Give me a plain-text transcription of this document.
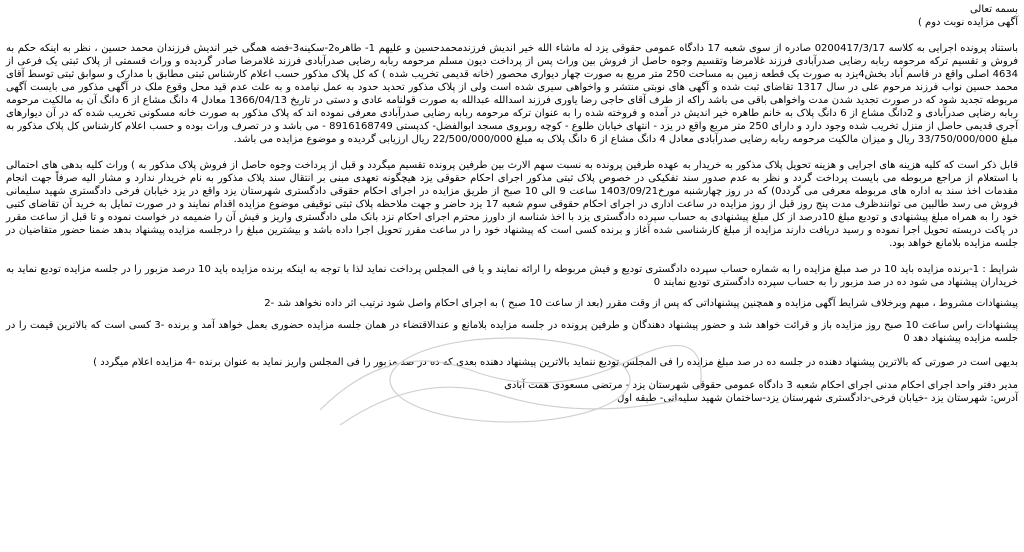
بسمه تعالی

آگهی مزایده نوبت دوم )

باستناد پرونده اجرایی به کلاسه 0200417/3/17 صادره از سوی شعبه 17 دادگاه عمومی حقوقی یزد له ماشاء الله خیر اندیش فرزندمحمدحسین و علیهم 1- طاهره2-سکینه3-فضه همگی خیر اندیش فرزندان محمد حسین ، نظر به اینکه حکم به فروش و تقسیم ترکه مرحومه ربابه رضایی صدرآبادی فرزند غلامرضا وتقسیم وجوه حاصل از فروش بین وراث پس از پرداخت دیون مسلم مرحومه ربابه رضایی صدرآبادی فرزند غلامرضا صادر گردیده و وراث قسمتی از پلاک ثبتی یک فرعی از 4634 اصلی واقع در قاسم آباد بخش4یزد به صورت یک قطعه زمین به مساحت 250 متر مربع به صورت چهار دیواری محصور (خانه قدیمی تخریب شده ) که کل پلاک مذکور حسب اعلام کارشناس ثبتی مطابق با مدارک و سوابق ثبتی توسط آقای محمد حسین نواب فرزند مرحوم علی در سال 1317 تقاضای ثبت شده و آگهی های نوبتی منتشر و واخواهی سیری شده است ولی از پلاک مذکور تحدید حدود به عمل نیامده و به علت عدم قید محل وقوع ملک در آگهی مذکور می بایست آگهی مربوطه تجدید شود که در صورت تجدید شدن مدت واخواهی باقی می باشد راکه از طرف آقای حاجی رضا یاوری فرزند اسدالله عبدالله به صورت قولنامه عادی و دستی در تاریخ 1366/04/13 معادل 4 دانگ مشاع از 6 دانگ آن به مالکیت مرحومه ربابه رضایی صدرآبادی و 2دانگ مشاع از 6 دانگ پلاک به خانم طاهره خیر اندیش در آمده و فروخته شده را به عنوان ترکه مرحومه ربابه رضایی صدرآبادی معرفی نموده اند که پلاک مذکور به صورت خانه مسکونی تخریب شده که در آن دیوارهای آجری قدیمی حاصل از منزل تخریب شده وجود دارد و دارای 250 متر مربع واقع در یزد - انتهای خیابان طلوع - کوچه روبروی مسجد ابوالفضل- کدپستی 8916168749 - می باشد و در تصرف وراث بوده و حسب اعلام کارشناس کل پلاک مذکور به مبلغ 33/750/000/000 ریال و میزان مالکیت مرحومه ربابه رضایی صدرآبادی معادل 4 دانگ مشاع از 6 دانگ پلاک به مبلغ 22/500/000/000 ریال ارزیابی گردیده و موضوع مزایده می باشد.

قابل ذکر است که کلیه هزینه های اجرایی و هزینه تحویل پلاک مذکور به خریدار به عهده طرفین پرونده به نسبت سهم الارث بین طرفین پرونده تقسیم میگردد و قبل از پرداخت وجوه حاصل از فروش پلاک مذکور به ) وراث کلیه بدهی های احتمالی با استعلام از مراجع مربوطه می بایست پرداخت گردد و نظر به عدم صدور سند تفکیکی در خصوص پلاک ثبتی مذکور اجرای احکام حقوقی یزد هیچگونه تعهدی مبنی بر انتقال سند پلاک مذکور به نام خریدار ندارد و مشار الیه صرفاً جهت انجام مقدمات اخذ سند به اداره های مربوطه معرفی می گردد0) که در روز چهارشنبه مورخ1403/09/21 ساعت 9 الی 10 صبح از طریق مزایده در اجرای احکام حقوقی دادگستری شهرستان یزد واقع در یزد خیابان فرخی دادگستری شهید سلیمانی فروش می رسد طالبین می توانندظرف مدت پنج روز قبل از روز مزایده در ساعت اداری در اجرای احکام حقوقی سوم شعبه 17 یزد حاضر و جهت ملاحظه پلاک ثبتی توقیفی موضوع مزایده اقدام نمایند و در صورت تمایل به خرید آن تقاضای کتبی خود را به همراه مبلغ پیشنهادی و تودیع مبلغ 10درصد از کل مبلغ پیشنهادی به حساب سپرده دادگستری یزد با اخذ شناسه از داورز محترم اجرای احکام نزد بانک ملی دادگستری واریز و فیش آن را ضمیمه در خواست نموده و تا قبل از ساعت مقرر در پاکت دربسته تحویل اجرا نموده و رسید دریافت دارند مزایده از مبلغ کارشناسی شده آغاز و برنده کسی است که پیشنهاد خود را در ساعت مقرر تحویل اجرا داده باشد و بیشترین مبلغ را درجلسه مزایده پیشنهاد بدهد ضمنا حضور متقاضیان در جلسه مزایده بلامانع خواهد بود.

شرایط : 1-برنده مزایده باید 10 در صد مبلغ مزایده را به شماره حساب سپرده دادگستری تودیع و فیش مربوطه را ارائه نمایند و یا فی المجلس پرداخت نماید لذا با توجه به اینکه برنده مزایده باید 10 درصد مزبور را در جلسه مزایده تودیع نماید به خریداران پیشنهاد می شود ده در صد مزبور را به حساب سپرده دادگستری تودیع نمایند 0

پیشنهادات مشروط ، مبهم وبرخلاف شرایط آگهی مزایده و همچنین پیشنهاداتی که پس از وقت مقرر (بعد از ساعت 10 صبح ) به اجرای احکام واصل شود ترتیب اثر داده نخواهد شد -2

پیشنهادات راس ساعت 10 صبح روز مزایده باز و قرائت خواهد شد و حضور پیشنهاد دهندگان و طرفین پرونده در جلسه مزایده بلامانع و عندالاقتضاء در همان جلسه مزایده حضوری بعمل خواهد آمد و برنده -3 کسی است که بالاترین قیمت را در جلسه مزایده پیشنهاد دهد 0

بدیهی است در صورتی که بالاترین پیشنهاد دهنده در جلسه ده در صد مبلغ مزایده را فی المجلس تودیع ننماید بالاترین پیشنهاد دهنده بعدی که ده در صد مزبور را فی المجلس واریز نماید به عنوان برنده -4 مزایده اعلام میگردد )

مدیر دفتر واحد اجرای احکام مدنی اجرای احکام شعبه 3 دادگاه عمومی حقوقی شهرستان یزد - مرتضی مسعودی همت آبادی

آدرس: شهرستان یزد -خیابان فرخی-دادگستری شهرستان یزد-ساختمان شهید سلیمانی- طبقه اول
